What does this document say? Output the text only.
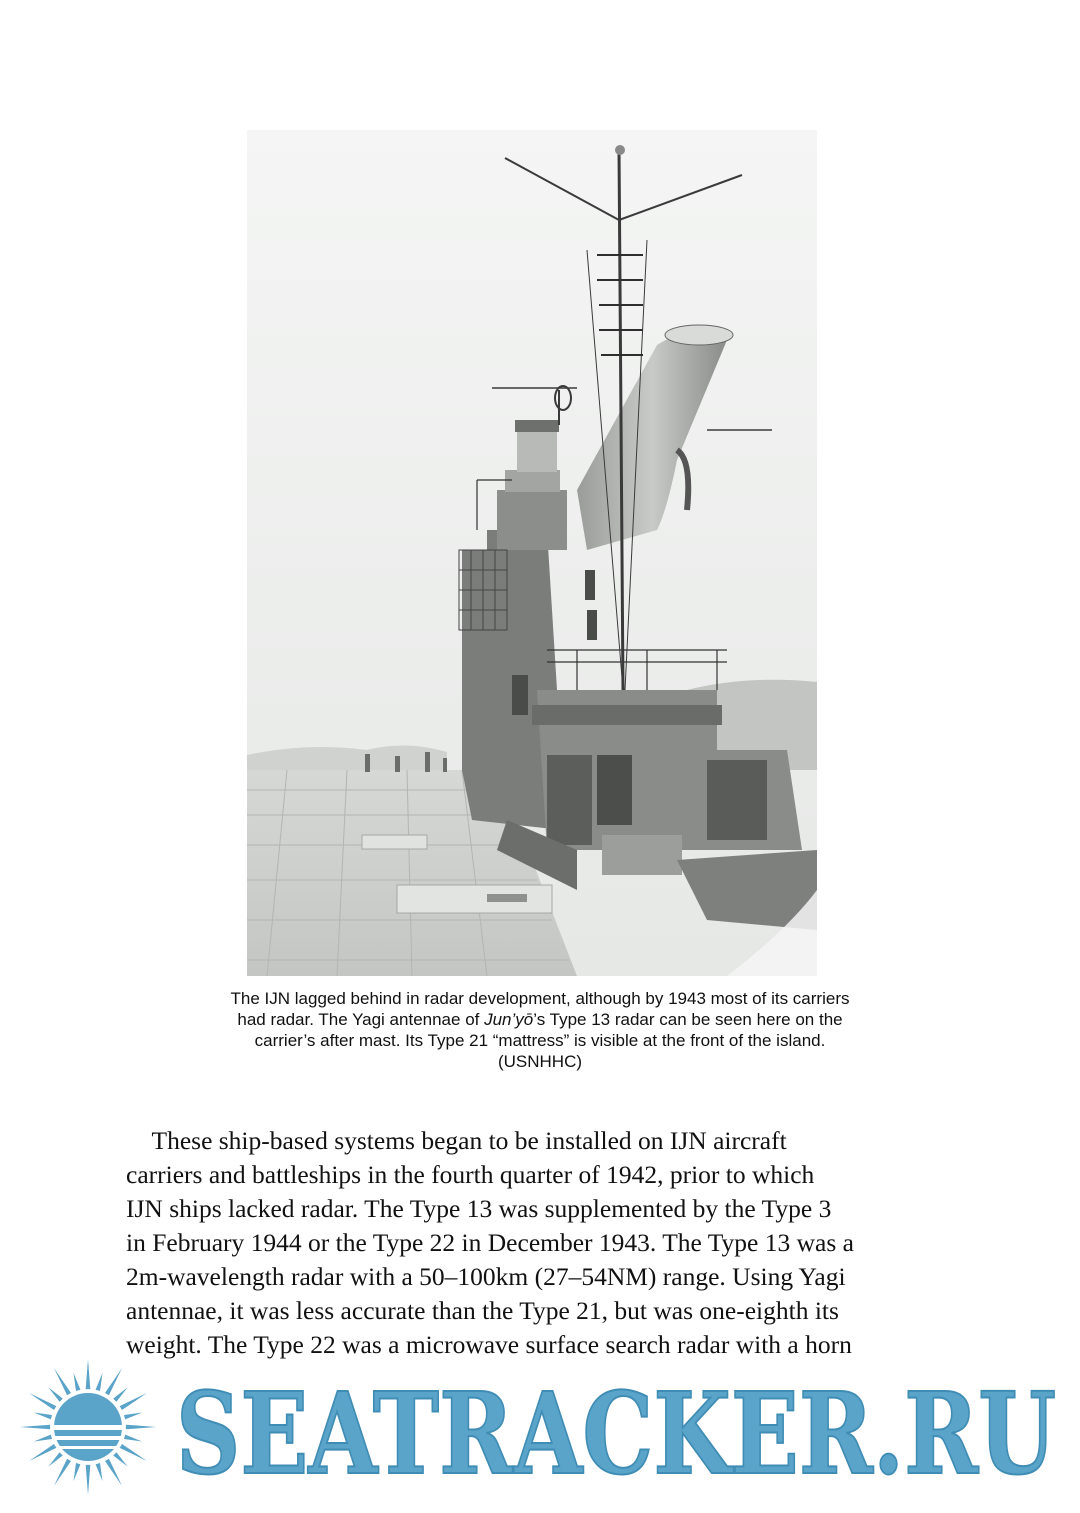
The IJN lagged behind in radar development, although by 1943 most of its carriers

had radar. The Yagi antennae of Jun’yō’s Type 13 radar can be seen here on the

carrier’s after mast. Its Type 21 “mattress” is visible at the front of the island.

(USNHHC)

These ship-based systems began to be installed on IJN aircraft

carriers and battleships in the fourth quarter of 1942, prior to which

IJN ships lacked radar. The Type 13 was supplemented by the Type 3

in February 1944 or the Type 22 in December 1943. The Type 13 was a

2m-wavelength radar with a 50–100km (27–54NM) range. Using Yagi

antennae, it was less accurate than the Type 21, but was one-eighth its

weight. The Type 22 was a microwave surface search radar with a horn

SEATRACKER.RU
